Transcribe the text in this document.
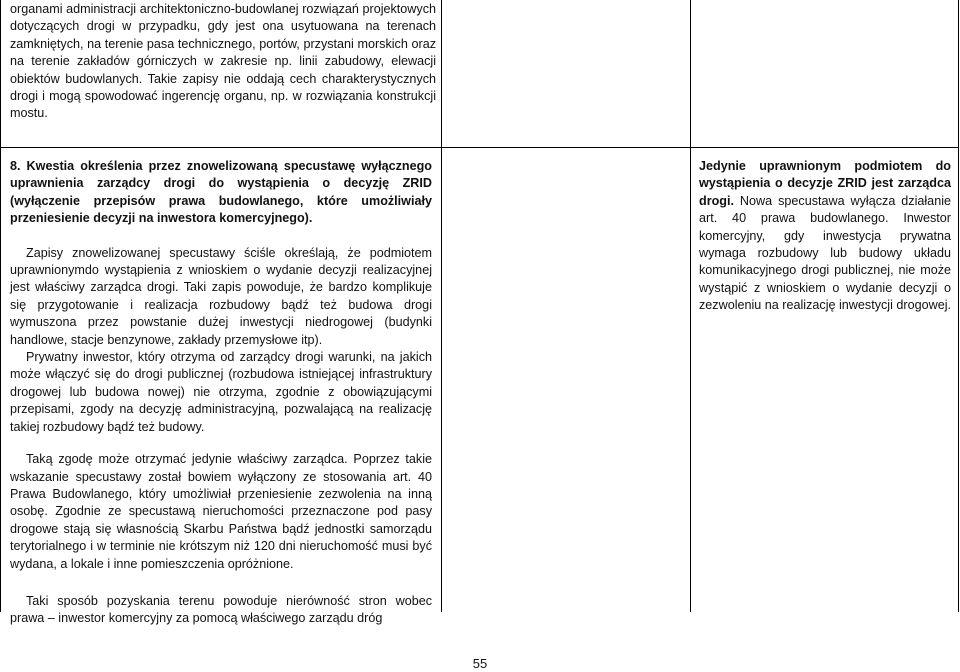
organami administracji architektoniczno-budowlanej rozwiązań projektowych dotyczących drogi w przypadku, gdy jest ona usytuowana na terenach zamkniętych, na terenie pasa technicznego, portów, przystani morskich oraz na terenie zakładów górniczych w zakresie np. linii zabudowy, elewacji obiektów budowlanych. Takie zapisy nie oddają cech charakterystycznych drogi i mogą spowodować ingerencję organu, np. w rozwiązania konstrukcji mostu.

8. Kwestia określenia przez znowelizowaną specustawę wyłącznego uprawnienia zarządcy drogi do wystąpienia o decyzję ZRID (wyłączenie przepisów prawa budowlanego, które umożliwiały przeniesienie decyzji na inwestora komercyjnego).

Zapisy znowelizowanej specustawy ściśle określają, że podmiotem uprawnionymdo wystąpienia z wnioskiem o wydanie decyzji realizacyjnej jest właściwy zarządca drogi. Taki zapis powoduje, że bardzo komplikuje się przygotowanie i realizacja rozbudowy bądź też budowa drogi wymuszona przez powstanie dużej inwestycji niedrogowej (budynki handlowe, stacje benzynowe, zakłady przemysłowe itp).

Prywatny inwestor, który otrzyma od zarządcy drogi warunki, na jakich może włączyć się do drogi publicznej (rozbudowa istniejącej infrastruktury drogowej lub budowa nowej) nie otrzyma, zgodnie z obowiązującymi przepisami, zgody na decyzję administracyjną, pozwalającą na realizację takiej rozbudowy bądź też budowy.

Taką zgodę może otrzymać jedynie właściwy zarządca. Poprzez takie wskazanie specustawy został bowiem wyłączony ze stosowania art. 40 Prawa Budowlanego, który umożliwiał przeniesienie zezwolenia na inną osobę. Zgodnie ze specustawą nieruchomości przeznaczone pod pasy drogowe stają się własnością Skarbu Państwa bądź jednostki samorządu terytorialnego i w terminie nie krótszym niż 120 dni nieruchomość musi być wydana, a lokale i inne pomieszczenia opróżnione.

Taki sposób pozyskania terenu powoduje nierówność stron wobec prawa – inwestor komercyjny za pomocą właściwego zarządu dróg

Jedynie uprawnionym podmiotem do wystąpienia o decyzje ZRID jest zarządca drogi. Nowa specustawa wyłącza działanie art. 40 prawa budowlanego. Inwestor komercyjny, gdy inwestycja prywatna wymaga rozbudowy lub budowy układu komunikacyjnego drogi publicznej, nie może wystąpić z wnioskiem o wydanie decyzji o zezwoleniu na realizację inwestycji drogowej.

55
